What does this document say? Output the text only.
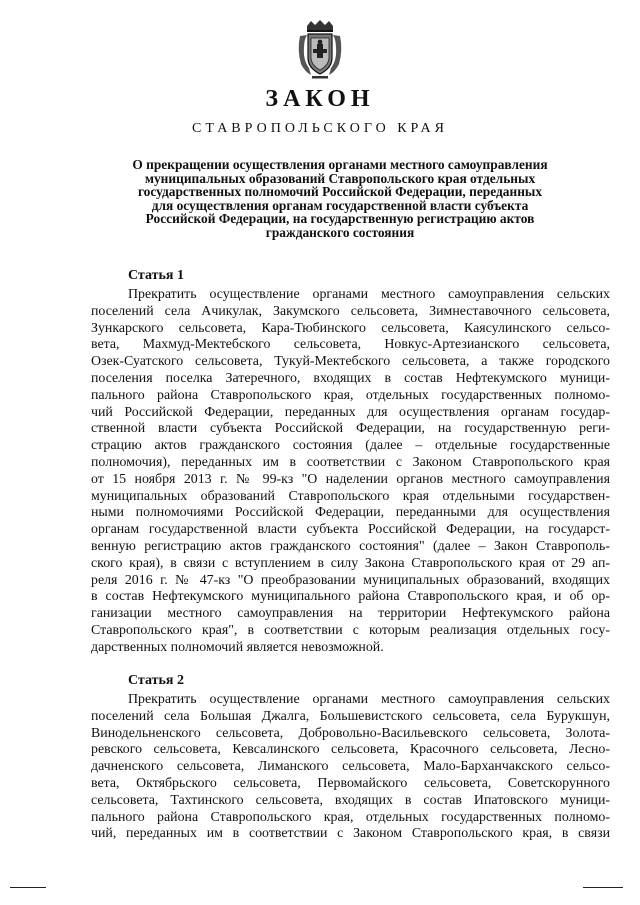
ЗАКОН
СТАВРОПОЛЬСКОГО КРАЯ
О прекращении осуществления органами местного самоуправления
муниципальных образований Ставропольского края отдельных
государственных полномочий Российской Федерации, переданных
для осуществления органам государственной власти субъекта
Российской Федерации, на государственную регистрацию актов
гражданского состояния
Статья 1
Прекратить осуществление органами местного самоуправления сельских
поселений села Ачикулак, Закумского сельсовета, Зимнеставочного сельсовета,
Зункарского сельсовета, Кара-Тюбинского сельсовета, Каясулинского сельсо-
вета, Махмуд-Мектебского сельсовета, Новкус-Артезианского сельсовета,
Озек-Суатского сельсовета, Тукуй-Мектебского сельсовета, а также городского
поселения поселка Затеречного, входящих в состав Нефтекумского муници-
пального района Ставропольского края, отдельных государственных полномо-
чий Российской Федерации, переданных для осуществления органам государ-
ственной власти субъекта Российской Федерации, на государственную реги-
страцию актов гражданского состояния (далее – отдельные государственные
полномочия), переданных им в соответствии с Законом Ставропольского края
от 15 ноября 2013 г. № 99-кз "О наделении органов местного самоуправления
муниципальных образований Ставропольского края отдельными государствен-
ными полномочиями Российской Федерации, переданными для осуществления
органам государственной власти субъекта Российской Федерации, на государст-
венную регистрацию актов гражданского состояния" (далее – Закон Ставрополь-
ского края), в связи с вступлением в силу Закона Ставропольского края от 29 ап-
реля 2016 г. № 47-кз "О преобразовании муниципальных образований, входящих
в состав Нефтекумского муниципального района Ставропольского края, и об ор-
ганизации местного самоуправления на территории Нефтекумского района
Ставропольского края", в соответствии с которым реализация отдельных госу-
дарственных полномочий является невозможной.
Статья 2
Прекратить осуществление органами местного самоуправления сельских
поселений села Большая Джалга, Большевистского сельсовета, села Бурукшун,
Винодельненского сельсовета, Добровольно-Васильевского сельсовета, Золота-
ревского сельсовета, Кевсалинского сельсовета, Красочного сельсовета, Лесно-
дачненского сельсовета, Лиманского сельсовета, Мало-Барханчакского сельсо-
вета, Октябрьского сельсовета, Первомайского сельсовета, Советскорунного
сельсовета, Тахтинского сельсовета, входящих в состав Ипатовского муници-
пального района Ставропольского края, отдельных государственных полномо-
чий, переданных им в соответствии с Законом Ставропольского края, в связи
